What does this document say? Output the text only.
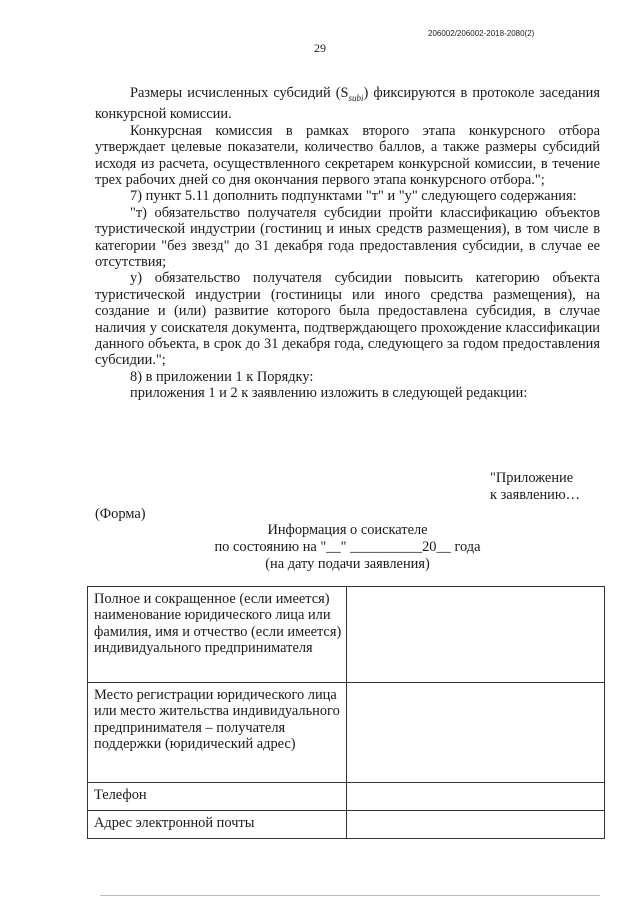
206002/206002-2018-2080(2)
29

Размеры исчисленных субсидий $(S_{subi})$ фиксируются в протоколе заседания конкурсной комиссии.

Конкурсная комиссия в рамках второго этапа конкурсного отбора утверждает целевые показатели, количество баллов, а также размеры субсидий исходя из расчета, осуществленного секретарем конкурсной комиссии, в течение трех рабочих дней со дня окончания первого этапа конкурсного отбора.";

7) пункт 5.11 дополнить подпунктами "т" и "у" следующего содержания:

"т) обязательство получателя субсидии пройти классификацию объектов туристической индустрии (гостиниц и иных средств размещения), в том числе в категории "без звезд" до 31 декабря года предоставления субсидии, в случае ее отсутствия;

у) обязательство получателя субсидии повысить категорию объекта туристической индустрии (гостиницы или иного средства размещения), на создание и (или) развитие которого была предоставлена субсидия, в случае наличия у соискателя документа, подтверждающего прохождение классификации данного объекта, в срок до 31 декабря года, следующего за годом предоставления субсидии.";

8) в приложении 1 к Порядку:

приложения 1 и 2 к заявлению изложить в следующей редакции:

"Приложение
к заявлению…
(Форма)
Информация о соискателе
по состоянию на "__" __________20__ года
(на дату подачи заявления)
Полное и сокращенное (если имеется) наименование юридического лица или фамилия, имя и отчество (если имеется) индивидуального предпринимателя	
Место регистрации юридического лица или место жительства индивидуального предпринимателя – получателя поддержки (юридический адрес)	
Телефон	
Адрес электронной почты	
